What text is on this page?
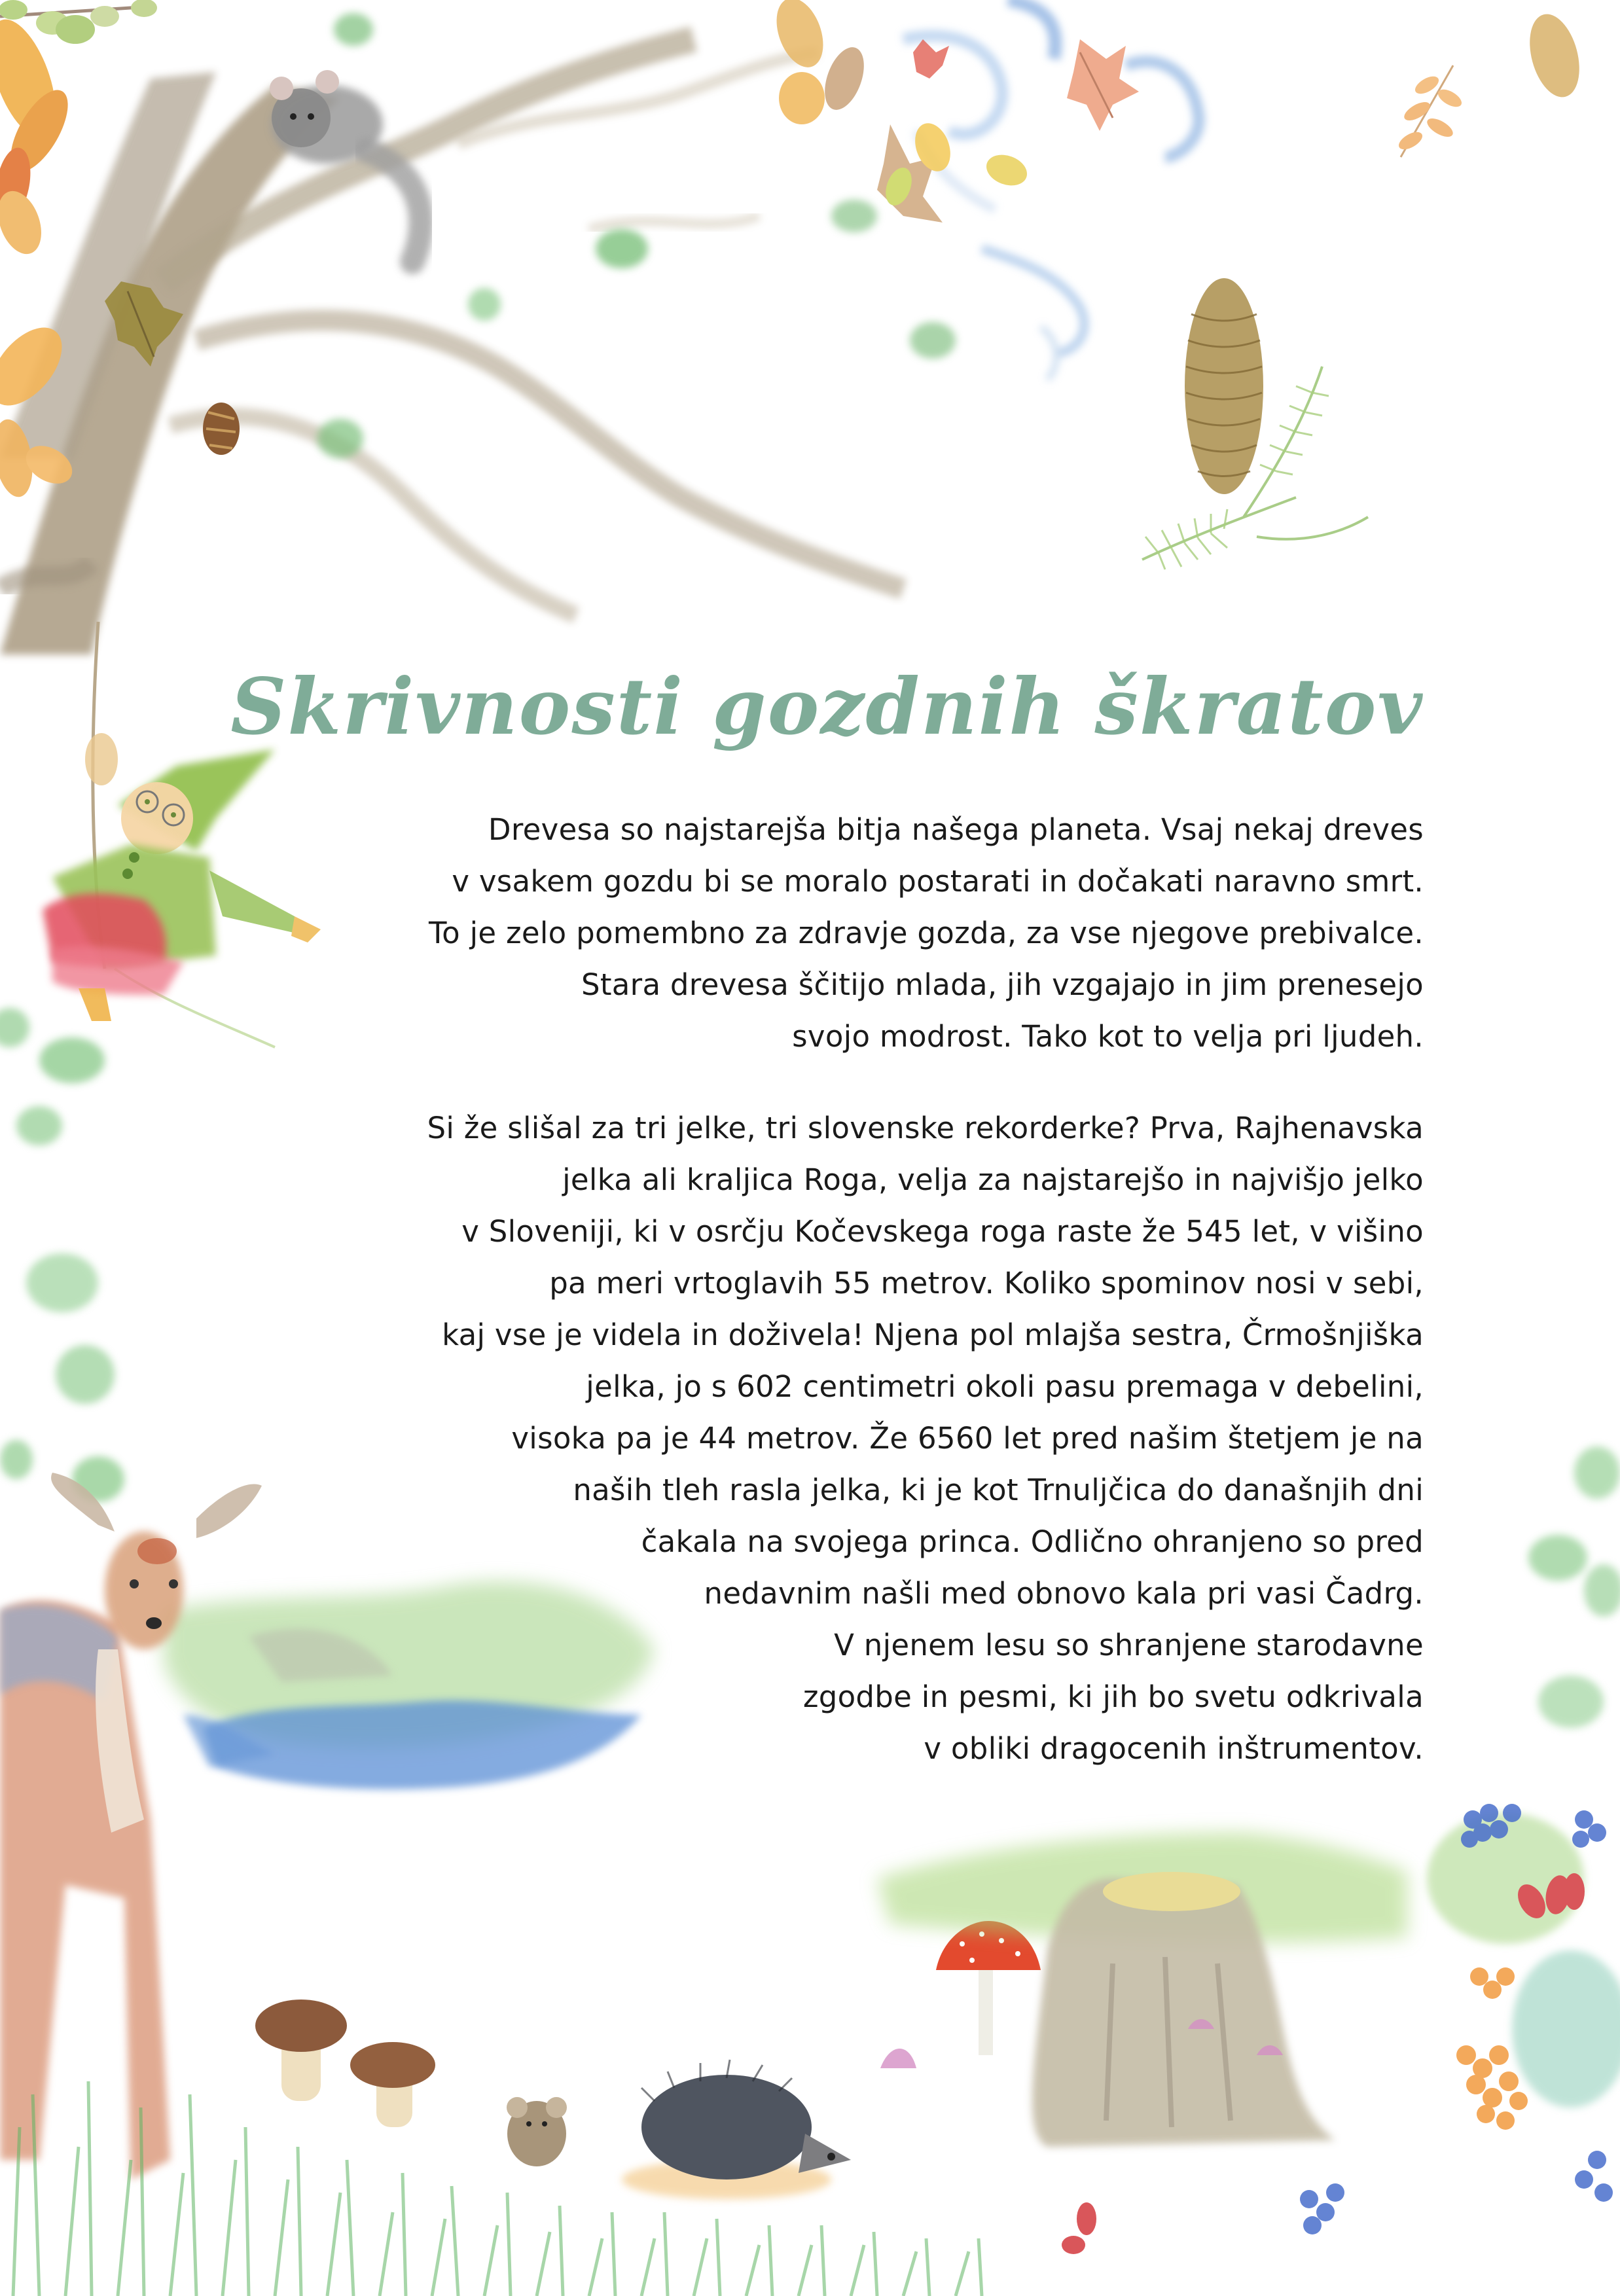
Skrivnosti gozdnih škratov

Drevesa so najstarejša bitja našega planeta. Vsaj nekaj dreves
v vsakem gozdu bi se moralo postarati in dočakati naravno smrt.
To je zelo pomembno za zdravje gozda, za vse njegove prebivalce.
Stara drevesa ščitijo mlada, jih vzgajajo in jim prenesejo
svojo modrost. Tako kot to velja pri ljudeh.

Si že slišal za tri jelke, tri slovenske rekorderke? Prva, Rajhenavska
jelka ali kraljica Roga, velja za najstarejšo in najvišjo jelko
v Sloveniji, ki v osrčju Kočevskega roga raste že 545 let, v višino
pa meri vrtoglavih 55 metrov. Koliko spominov nosi v sebi,
kaj vse je videla in doživela! Njena pol mlajša sestra, Črmošnjiška
jelka, jo s 602 centimetri okoli pasu premaga v debelini,
visoka pa je 44 metrov. Že 6560 let pred našim štetjem je na
naših tleh rasla jelka, ki je kot Trnuljčica do današnjih dni
čakala na svojega princa. Odlično ohranjeno so pred
nedavnim našli med obnovo kala pri vasi Čadrg.
V njenem lesu so shranjene starodavne
zgodbe in pesmi, ki jih bo svetu odkrivala
v obliki dragocenih inštrumentov.
